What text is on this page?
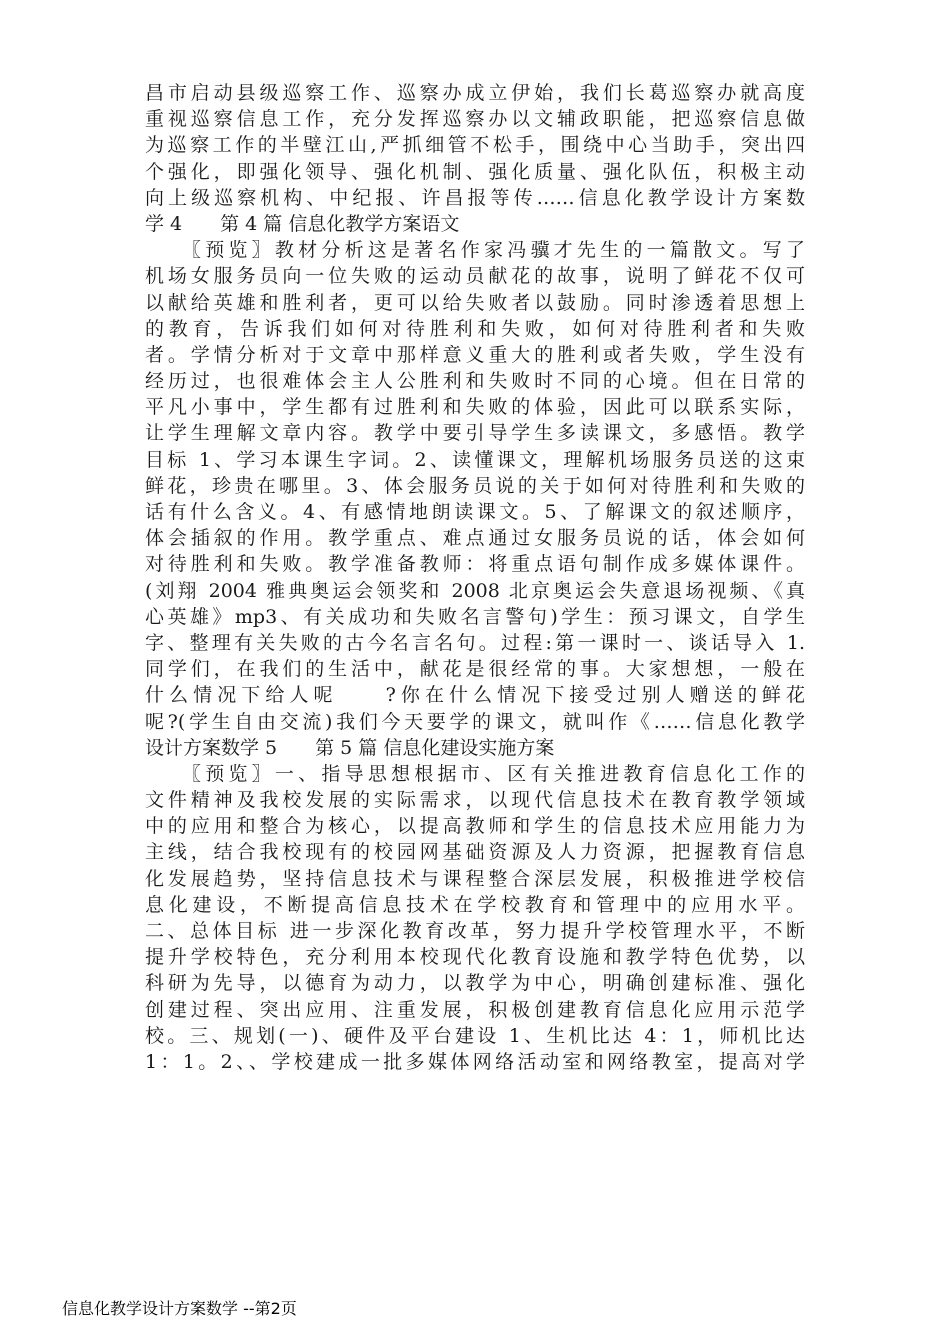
昌市启动县级巡察工作、巡察办成立伊始，我们长葛巡察办就高度
重视巡察信息工作，充分发挥巡察办以文辅政职能，把巡察信息做
为巡察工作的半壁江山,严抓细管不松手，围绕中心当助手，突出四
个强化，即强化领导、强化机制、强化质量、强化队伍，积极主动
向上级巡察机构、中纪报、许昌报等传……信息化教学设计方案数
学 4　　第 4 篇 信息化教学方案语文
　　〖预览〗教材分析这是著名作家冯骥才先生的一篇散文。写了
机场女服务员向一位失败的运动员献花的故事，说明了鲜花不仅可
以献给英雄和胜利者，更可以给失败者以鼓励。同时渗透着思想上
的教育，告诉我们如何对待胜利和失败，如何对待胜利者和失败
者。学情分析对于文章中那样意义重大的胜利或者失败，学生没有
经历过，也很难体会主人公胜利和失败时不同的心境。但在日常的
平凡小事中，学生都有过胜利和失败的体验，因此可以联系实际，
让学生理解文章内容。教学中要引导学生多读课文，多感悟。教学
目标 1、学习本课生字词。2、读懂课文，理解机场服务员送的这束
鲜花，珍贵在哪里。3、体会服务员说的关于如何对待胜利和失败的
话有什么含义。4、有感情地朗读课文。5、了解课文的叙述顺序，
体会插叙的作用。教学重点、难点通过女服务员说的话，体会如何
对待胜利和失败。教学准备教师：将重点语句制作成多媒体课件。
(刘翔 2004 雅典奥运会领奖和 2008 北京奥运会失意退场视频、《真
心英雄》mp3、有关成功和失败名言警句)学生：预习课文，自学生
字、整理有关失败的古今名言名句。过程:第一课时一、谈话导入 1.
同学们，在我们的生活中，献花是很经常的事。大家想想，一般在
什么情况下给人呢　　?你在什么情况下接受过别人赠送的鲜花
呢?(学生自由交流)我们今天要学的课文，就叫作《……信息化教学
设计方案数学 5　　第 5 篇 信息化建设实施方案
　　〖预览〗一、指导思想根据市、区有关推进教育信息化工作的
文件精神及我校发展的实际需求，以现代信息技术在教育教学领域
中的应用和整合为核心，以提高教师和学生的信息技术应用能力为
主线，结合我校现有的校园网基础资源及人力资源，把握教育信息
化发展趋势，坚持信息技术与课程整合深层发展，积极推进学校信
息化建设，不断提高信息技术在学校教育和管理中的应用水平。
二、总体目标 进一步深化教育改革，努力提升学校管理水平，不断
提升学校特色，充分利用本校现代化教育设施和教学特色优势，以
科研为先导，以德育为动力，以教学为中心，明确创建标准、强化
创建过程、突出应用、注重发展，积极创建教育信息化应用示范学
校。三、规划(一)、硬件及平台建设 1、生机比达 4：1，师机比达
1：1。2、、学校建成一批多媒体网络活动室和网络教室，提高对学
信息化教学设计方案数学 --第2页
